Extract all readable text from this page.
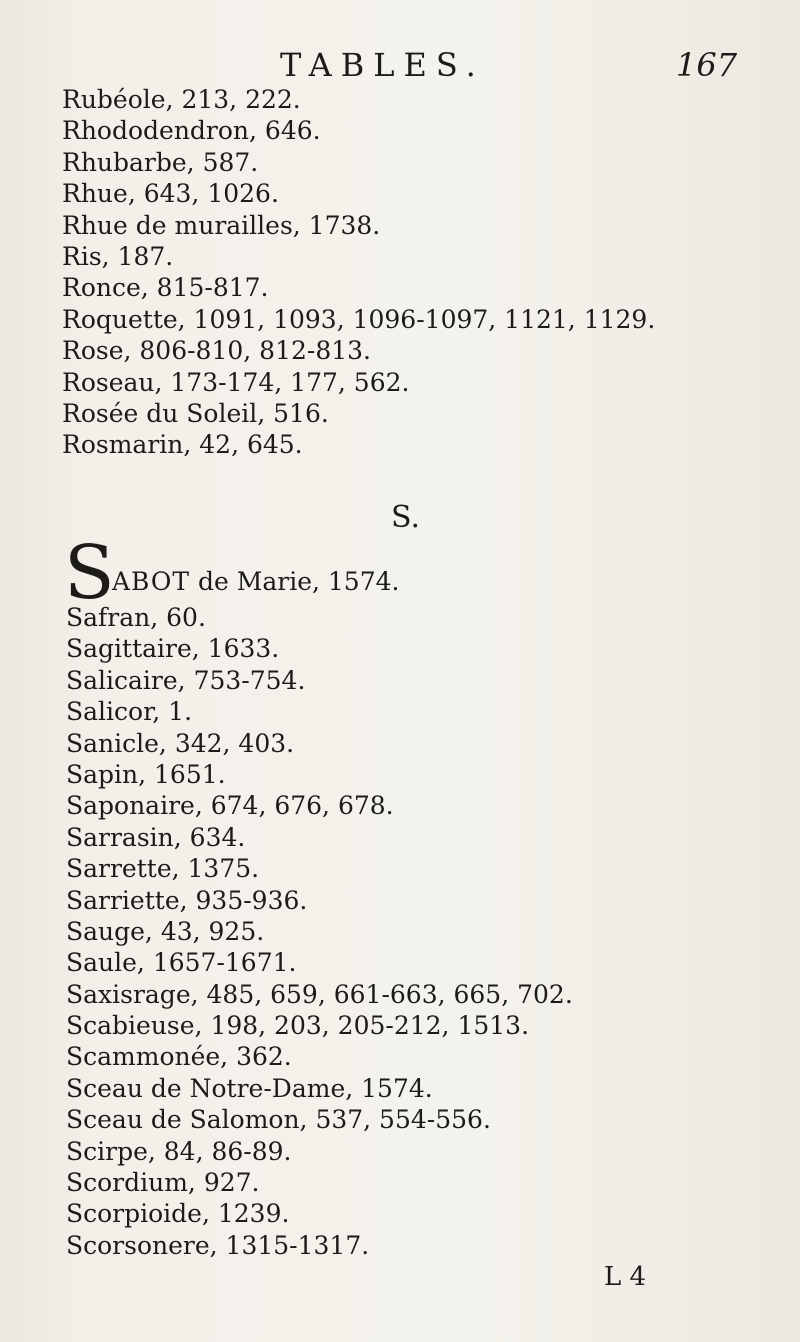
TABLES.	167
Rubéole, 213, 222.
Rhododendron, 646.
Rhubarbe, 587.
Rhue, 643, 1026.
Rhue de murailles, 1738.
Ris, 187.
Ronce, 815-817.
Roquette, 1091, 1093, 1096-1097, 1121, 1129.
Rose, 806-810, 812-813.
Roseau, 173-174, 177, 562.
Rosée du Soleil, 516.
Rosmarin, 42, 645.
S.
S
ABOT de Marie, 1574.
Safran, 60.
Sagittaire, 1633.
Salicaire, 753-754.
Salicor, 1.
Sanicle, 342, 403.
Sapin, 1651.
Saponaire, 674, 676, 678.
Sarrasin, 634.
Sarrette, 1375.
Sarriette, 935-936.
Sauge, 43, 925.
Saule, 1657-1671.
Saxisrage, 485, 659, 661-663, 665, 702.
Scabieuse, 198, 203, 205-212, 1513.
Scammonée, 362.
Sceau de Notre-Dame, 1574.
Sceau de Salomon, 537, 554-556.
Scirpe, 84, 86-89.
Scordium, 927.
Scorpioide, 1239.
Scorsonere, 1315-1317.
L 4
